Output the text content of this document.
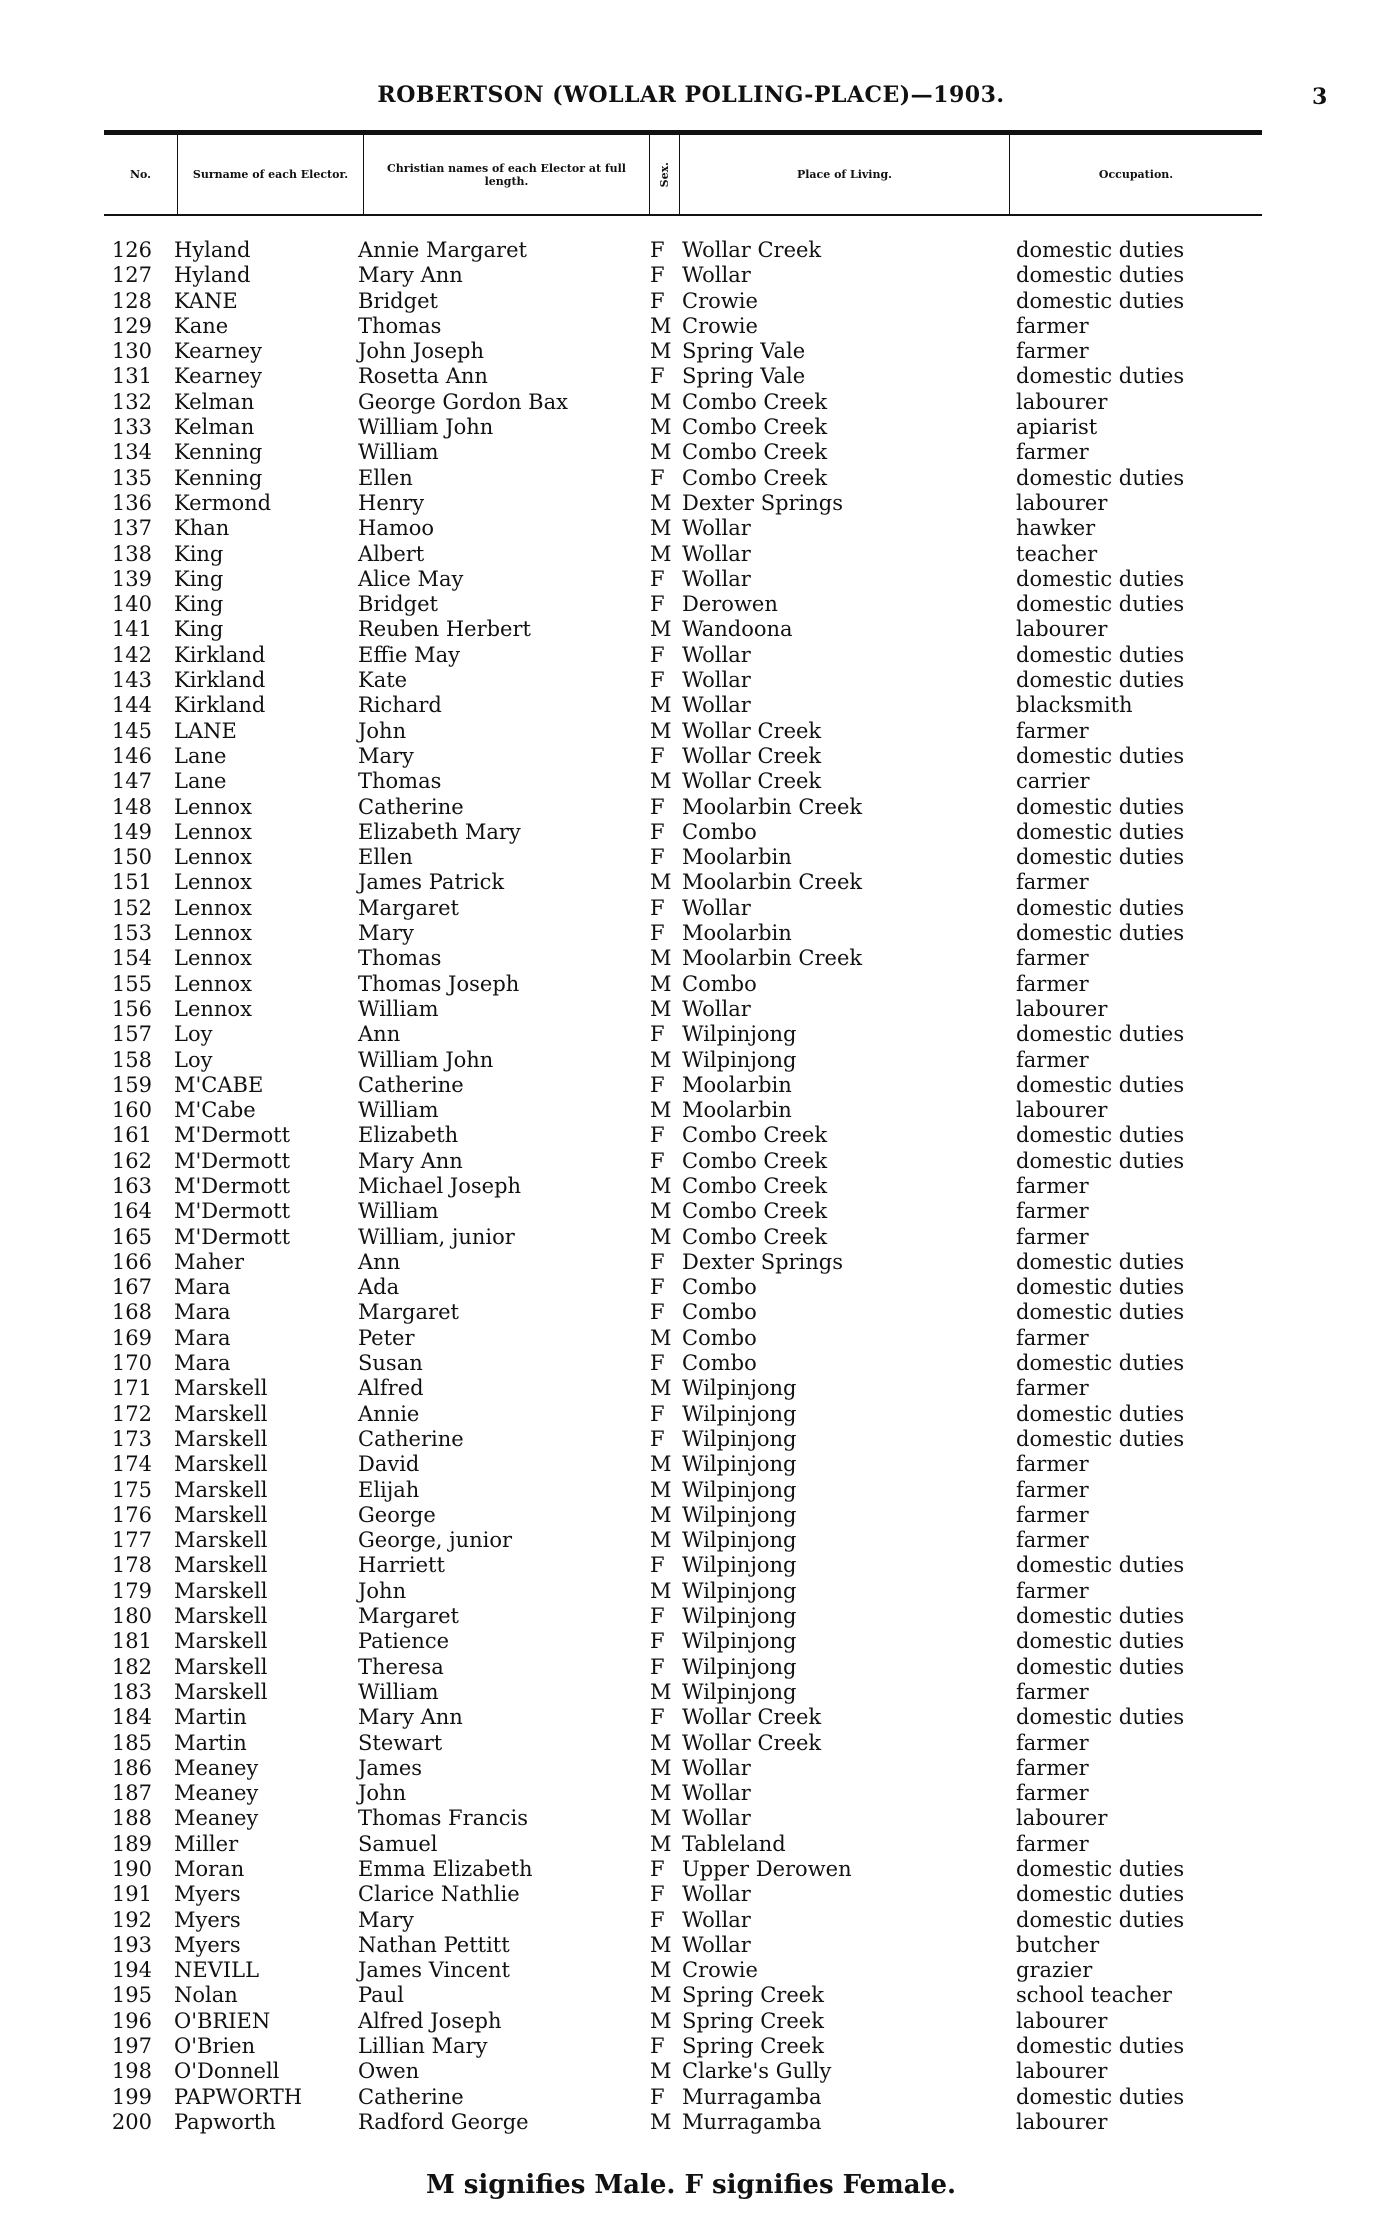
ROBERTSON (WOLLAR POLLING-PLACE)—1903.	3
No.	Surname of each Elector.	Christian names of each Elector at full length.	Sex.	Place of Living.	Occupation.
126 Hyland	Annie Margaret	F Wollar Creek	domestic duties
127 Hyland	Mary Ann	F Wollar	domestic duties
128 KANE	Bridget	F Crowie	domestic duties
129 Kane	Thomas	M Crowie	farmer
130 Kearney	John Joseph	M Spring Vale	farmer
131 Kearney	Rosetta Ann	F Spring Vale	domestic duties
132 Kelman	George Gordon Bax	M Combo Creek	labourer
133 Kelman	William John	M Combo Creek	apiarist
134 Kenning	William	M Combo Creek	farmer
135 Kenning	Ellen	F Combo Creek	domestic duties
136 Kermond	Henry	M Dexter Springs	labourer
137 Khan	Hamoo	M Wollar	hawker
138 King	Albert	M Wollar	teacher
139 King	Alice May	F Wollar	domestic duties
140 King	Bridget	F Derowen	domestic duties
141 King	Reuben Herbert	M Wandoona	labourer
142 Kirkland	Effie May	F Wollar	domestic duties
143 Kirkland	Kate	F Wollar	domestic duties
144 Kirkland	Richard	M Wollar	blacksmith
145 LANE	John	M Wollar Creek	farmer
146 Lane	Mary	F Wollar Creek	domestic duties
147 Lane	Thomas	M Wollar Creek	carrier
148 Lennox	Catherine	F Moolarbin Creek	domestic duties
149 Lennox	Elizabeth Mary	F Combo	domestic duties
150 Lennox	Ellen	F Moolarbin	domestic duties
151 Lennox	James Patrick	M Moolarbin Creek	farmer
152 Lennox	Margaret	F Wollar	domestic duties
153 Lennox	Mary	F Moolarbin	domestic duties
154 Lennox	Thomas	M Moolarbin Creek	farmer
155 Lennox	Thomas Joseph	M Combo	farmer
156 Lennox	William	M Wollar	labourer
157 Loy	Ann	F Wilpinjong	domestic duties
158 Loy	William John	M Wilpinjong	farmer
159 M'CABE	Catherine	F Moolarbin	domestic duties
160 M'Cabe	William	M Moolarbin	labourer
161 M'Dermott	Elizabeth	F Combo Creek	domestic duties
162 M'Dermott	Mary Ann	F Combo Creek	domestic duties
163 M'Dermott	Michael Joseph	M Combo Creek	farmer
164 M'Dermott	William	M Combo Creek	farmer
165 M'Dermott	William, junior	M Combo Creek	farmer
166 Maher	Ann	F Dexter Springs	domestic duties
167 Mara	Ada	F Combo	domestic duties
168 Mara	Margaret	F Combo	domestic duties
169 Mara	Peter	M Combo	farmer
170 Mara	Susan	F Combo	domestic duties
171 Marskell	Alfred	M Wilpinjong	farmer
172 Marskell	Annie	F Wilpinjong	domestic duties
173 Marskell	Catherine	F Wilpinjong	domestic duties
174 Marskell	David	M Wilpinjong	farmer
175 Marskell	Elijah	M Wilpinjong	farmer
176 Marskell	George	M Wilpinjong	farmer
177 Marskell	George, junior	M Wilpinjong	farmer
178 Marskell	Harriett	F Wilpinjong	domestic duties
179 Marskell	John	M Wilpinjong	farmer
180 Marskell	Margaret	F Wilpinjong	domestic duties
181 Marskell	Patience	F Wilpinjong	domestic duties
182 Marskell	Theresa	F Wilpinjong	domestic duties
183 Marskell	William	M Wilpinjong	farmer
184 Martin	Mary Ann	F Wollar Creek	domestic duties
185 Martin	Stewart	M Wollar Creek	farmer
186 Meaney	James	M Wollar	farmer
187 Meaney	John	M Wollar	farmer
188 Meaney	Thomas Francis	M Wollar	labourer
189 Miller	Samuel	M Tableland	farmer
190 Moran	Emma Elizabeth	F Upper Derowen	domestic duties
191 Myers	Clarice Nathlie	F Wollar	domestic duties
192 Myers	Mary	F Wollar	domestic duties
193 Myers	Nathan Pettitt	M Wollar	butcher
194 NEVILL	James Vincent	M Crowie	grazier
195 Nolan	Paul	M Spring Creek	school teacher
196 O'BRIEN	Alfred Joseph	M Spring Creek	labourer
197 O'Brien	Lillian Mary	F Spring Creek	domestic duties
198 O'Donnell	Owen	M Clarke's Gully	labourer
199 PAPWORTH	Catherine	F Murragamba	domestic duties
200 Papworth	Radford George	M Murragamba	labourer
M signifies Male. F signifies Female.
